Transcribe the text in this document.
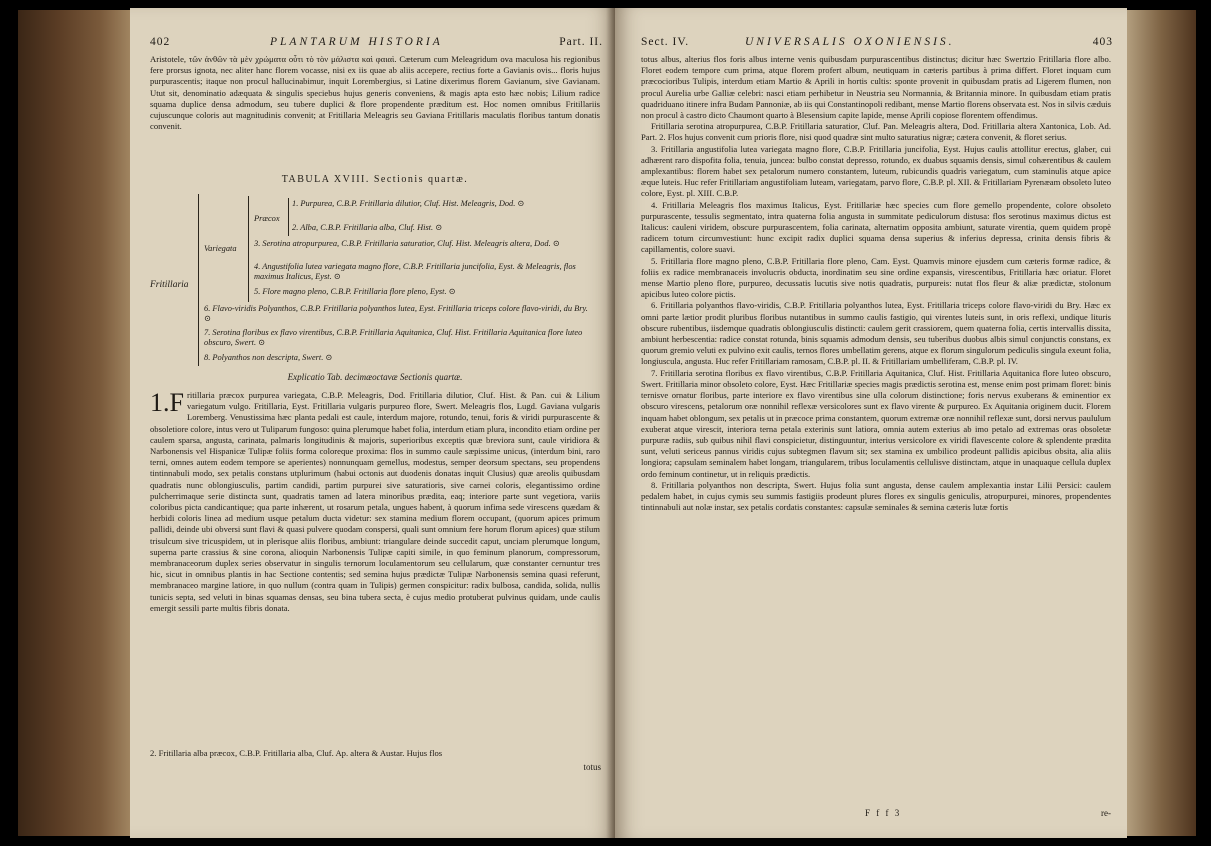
402	PLANTARUM HISTORIA	Part. II.
Aristotele, τῶν ἀνθῶν τὰ μὲν χρώματα οὗτι τὸ τὸν μάλιστα καὶ φαιαὶ. Cæterum cum Meleagridum ova maculosa his regionibus fere prorsus ignota, nec aliter hanc florem vocasse, nisi ex iis quae ab aliis accepere, rectius forte a Gavianis ovis... floris hujus purpurascentis; itaque non procul hallucinabimur, inquit Lorembergius, si Latine dixerimus florem Gavianum, sive Gavianam. Utut sit, denominatio adæquata & singulis speciebus hujus generis conveniens, & magis apta esto hæc nobis; Lilium radice squama duplice densa admodum, seu tubere duplici & flore propendente præditum est. Hoc nomen omnibus Fritillariis cujuscunque coloris aut magnitudinis convenit; at Fritillaria Meleagris seu Gaviana Fritillaris maculatis floribus tantum donatis convenit.
TABULA XVIII. Sectionis quartæ.
Fritillaria
Variegata
Præcox
1. Purpurea, C.B.P. Fritillaria dilutior, Cluf. Hist. Meleagris, Dod. ⊙
2. Alba, C.B.P. Fritillaria alba, Cluf. Hist. ⊙
3. Serotina atropurpurea, C.B.P. Fritillaria saturatior, Cluf. Hist. Meleagris altera, Dod. ⊙
4. Angustifolia lutea variegata magno flore, C.B.P. Fritillaria juncifolia, Eyst. & Meleagris, flos maximus Italicus, Eyst. ⊙
5. Flore magno pleno, C.B.P. Fritillaria flore pleno, Eyst. ⊙
6. Flavo-viridis Polyanthos, C.B.P. Fritillaria polyanthos lutea, Eyst. Fritillaria triceps colore flavo-viridi, du Bry. ⊙
7. Serotina floribus ex flavo virentibus, C.B.P. Fritillaria Aquitanica, Cluf. Hist. Fritillaria Aquitanica flore luteo obscuro, Swert. ⊙
8. Polyanthos non descripta, Swert. ⊙
Explicatio Tab. decimæoctavæ Sectionis quartæ.
1.F ritillaria præcox purpurea variegata, C.B.P. Meleagris, Dod. Fritillaria dilutior, Cluf. Hist. & Pan. cui & Lilium variegatum vulgo. Fritillaria, Eyst. Fritillaria vulgaris purpureo flore, Swert. Meleagris flos, Lugd. Gaviana vulgaris Loremberg. Venustissima hæc planta pedali est caule, interdum majore, rotundo, tenui, foris & viridi purpurascente & obsoletiore colore, intus vero ut Tuliparum fungoso: quina plerumque habet folia, interdum etiam plura, incondito etiam ordine per caulem sparsa, angusta, carinata, palmaris longitudinis & majoris, superioribus exceptis quæ breviora sunt, caule viridiora & Narbonensis vel Hispanicæ Tulipæ foliis forma coloreque proxima: flos in summo caule sæpissime unicus, (interdum bini, raro terni, omnes autem eodem tempore se aperientes) nonnunquam gemellus, modestus, semper deorsum spectans, seu propendens tintinnabuli modo, sex petalis constans utplurimum (habui octonis aut duodenis donatas inquit Clusius) quæ areolis quibusdam quadratis nunc oblongiusculis, partim candidi, partim purpurei sive saturatioris, sive carnei coloris, elegantissimo ordine pulcherrimaque serie distincta sunt, quadratis tamen ad latera minoribus prædita, eaq; interiore parte sunt vegetiora, variis coloribus picta candicantique; qua parte inhærent, ut rosarum petala, ungues habent, à quorum infima sede virescens quædam & herbidi coloris linea ad medium usque petalum ducta videtur: sex stamina medium florem occupant, (quorum apices primum pallidi, deinde ubi obversi sunt flavi & quasi pulvere quodam conspersi, quali sunt omnium fere horum florum apices) quæ stilum trisulcum sive tricuspidem, ut in plerisque aliis floribus, ambiunt: triangulare deinde succedit caput, unciam plerumque longum, superna parte crassius & sine corona, alioquin Narbonensis Tulipæ capiti simile, in quo feminum planorum, compressorum, membranaceorum duplex series observatur in singulis ternorum loculamentorum seu cellularum, quæ constanter cernuntur tres hic, sicut in omnibus plantis in hac Sectione contentis; sed semina hujus prædictæ Tulipæ Narbonensis semina quasi referunt, membranaceo margine latiore, in quo nullum (contra quam in Tulipis) germen conspicitur: radix bulbosa, candida, solida, nullis tunicis septa, sed veluti in binas squamas densas, seu bina tubera secta, è cujus medio protuberat pulvinus quidam, unde caulis emergit sessili parte multis fibris donata.
2. Fritillaria alba præcox, C.B.P. Fritillaria alba, Cluf. Ap. altera & Austar. Hujus flos
totus
Sect. IV.	UNIVERSALIS OXONIENSIS.	403

totus albus, alterius flos foris albus interne venis quibusdam purpurascentibus distinctus; dicitur hæc Swertzio Fritillaria flore albo. Floret eodem tempore cum prima, atque florem profert album, neutiquam in cæteris partibus à prima differt. Floret inquam cum præcocioribus Tulipis, interdum etiam Martio & Aprili in hortis cultis: sponte provenit in quibusdam pratis ad Ligerem flumen, non procul Aurelia urbe Galliæ celebri: nasci etiam perhibetur in Neustria seu Normannia, & Britannia minore. In quibusdam etiam pratis quadriduano itinere infra Budam Pannoniæ, ab iis qui Constantinopoli redibant, mense Martio florens observata est. Nos in silvis cæduis non procul à castro dicto Chaumont quarto à Blesensium capite lapide, mense Aprili copiose florentem offendimus.

Fritillaria serotina atropurpurea, C.B.P. Fritillaria saturatior, Cluf. Pan. Meleagris altera, Dod. Fritillaria altera Xantonica, Lob. Ad. Part. 2. Flos hujus convenit cum prioris flore, nisi quod quadræ sint multo saturatius nigræ; cætera convenit, & floret serius.

3. Fritillaria angustifolia lutea variegata magno flore, C.B.P. Fritillaria juncifolia, Eyst. Hujus caulis attollitur erectus, glaber, cui adhærent raro dispofita folia, tenuia, juncea: bulbo constat depresso, rotundo, ex duabus squamis densis, simul cohærentibus & caulem amplexantibus: florem habet sex petalorum numero constantem, luteum, rubicundis quadris variegatum, cum staminulis atque apice æque luteis. Huc refer Fritillariam angustifoliam luteam, variegatam, parvo flore, C.B.P. pl. XII. & Fritillariam Pyrenæam obsoleto luteo colore, Eyst. pl. XIII. C.B.P.

4. Fritillaria Meleagris flos maximus Italicus, Eyst. Fritillariæ hæc species cum flore gemello propendente, colore obsoleto purpurascente, tessulis segmentato, intra quaterna folia angusta in summitate pediculorum distusa: flos serotinus maximus dictus est Italicus: cauleni viridem, obscure purpurascentem, folia carinata, alternatim opposita ambiunt, saturate virentia, quem quidem propè radicem totum circumvestiunt: hunc excipit radix duplici squama densa superius & inferius depressa, crinita densis fibris & capillamentis, colore suavi.

5. Fritillaria flore magno pleno, C.B.P. Fritillaria flore pleno, Cam. Eyst. Quamvis minore ejusdem cum cæteris formæ radice, & foliis ex radice membranaceis involucris obducta, inordinatim seu sine ordine expansis, virescentibus, Fritillaria hæc oriatur. Floret mense Martio pleno flore, purpureo, decussatis lucutis sive notis quadratis, purpureis: nutat flos fleur & aliæ prædictæ, stolonum apicibus luteo colore pictis.

6. Fritillaria polyanthos flavo-viridis, C.B.P. Fritillaria polyanthos lutea, Eyst. Fritillaria triceps colore flavo-viridi du Bry. Hæc ex omni parte lætior prodit pluribus floribus nutantibus in summo caulis fastigio, qui virentes luteis sunt, in oris reflexi, undique lituris obscure rubentibus, iisdemque quadratis oblongiusculis distincti: caulem gerit crassiorem, quem quaterna folia, certis intervallis dissita, ambiunt herbescentia: radice constat rotunda, binis squamis admodum densis, seu tuberibus duobus albis simul conjunctis constans, ex quorum gremio veluti ex pulvino exit caulis, ternos flores umbellatim gerens, atque ex florum singulorum pediculis singula exeunt folia, longiuscula, angusta. Huc refer Fritillariam ramosam, C.B.P. pl. II. & Fritillariam umbelliferam, C.B.P. pl. IV.

7. Fritillaria serotina floribus ex flavo virentibus, C.B.P. Fritillaria Aquitanica, Cluf. Hist. Fritillaria Aquitanica flore luteo obscuro, Swert. Fritillaria minor obsoleto colore, Eyst. Hæc Fritillariæ species magis prædictis serotina est, mense enim post primam floret: binis ternisve ornatur floribus, parte interiore ex flavo virentibus sine ulla colorum distinctione; foris nervus exuberans & eminentior ex obscuro virescens, petalorum oræ nonnihil reflexæ versicolores sunt ex flavo virente & purpureo. Ex Aquitania originem ducit. Florem inquam habet oblongum, sex petalis ut in præcoce prima constantem, quorum extremæ oræ nonnihil reflexæ sunt, dorsi nervus paululum exuberat atque virescit, interiora terna petala exterinis sunt latiora, omnia autem exterius ab imo petalo ad extremas oras obsoletæ purpuræ radiis, sub quibus nihil flavi conspicietur, distinguuntur, interius versicolore ex viridi flavescente colore & splendente prædita sunt, veluti sericeus pannus viridis cujus subtegmen flavum sit; sex stamina ex umbilico prodeunt pallidis apicibus obsita, alia aliis longiora; capsulam seminalem habet longam, triangularem, tribus loculamentis cellulisve distinctam, atque in unaquaque cellula duplex ordo feminum continetur, ut in reliquis prædictis.

8. Fritillaria polyanthos non descripta, Swert. Hujus folia sunt angusta, dense caulem amplexantia instar Lilii Persici: caulem pedalem habet, in cujus cymis seu summis fastigiis prodeunt plures flores ex singulis geniculis, atropurpurei, minores, propendentes tintinnabuli aut nolæ instar, sex petalis cordatis constantes: capsulæ seminales & semina cæteris lutæ fortis

F f f 3	re-
